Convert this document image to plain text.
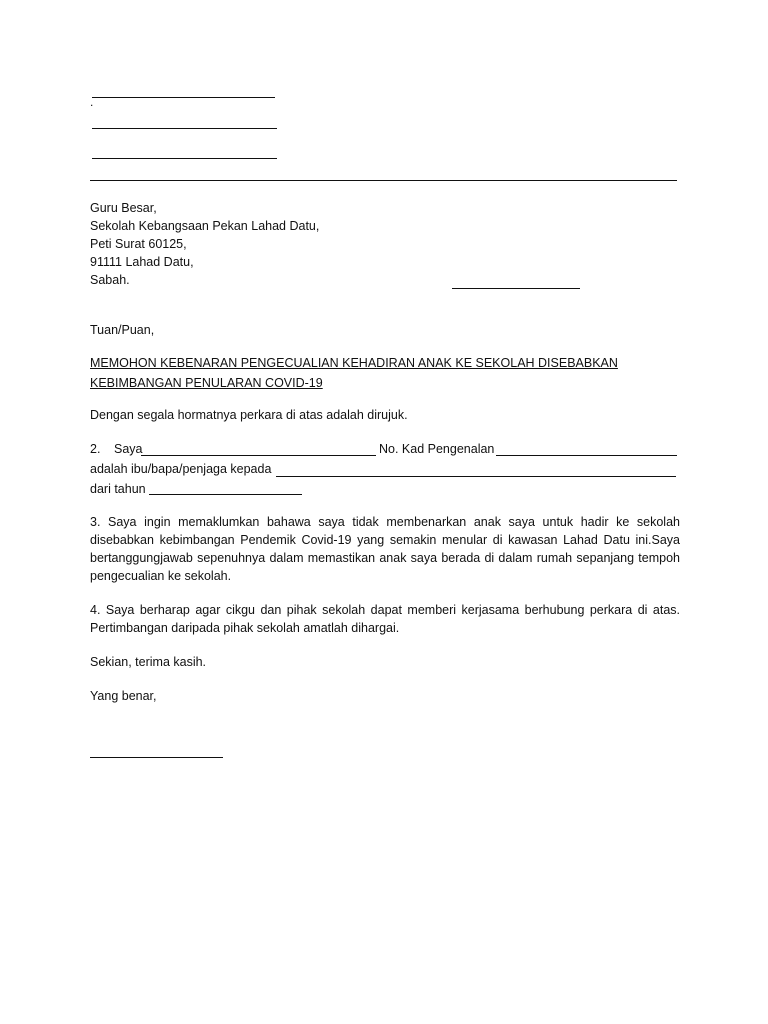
.
Guru Besar,
Sekolah Kebangsaan Pekan Lahad Datu,
Peti Surat 60125,
91111 Lahad Datu,
Sabah.
Tuan/Puan,
MEMOHON KEBENARAN PENGECUALIAN KEHADIRAN ANAK KE SEKOLAH DISEBABKAN
KEBIMBANGAN PENULARAN COVID-19
Dengan segala hormatnya perkara di atas adalah dirujuk.
2. Saya	No. Kad Pengenalan
adalah ibu/bapa/penjaga kepada
dari tahun
3. Saya ingin memaklumkan bahawa saya tidak membenarkan anak saya untuk hadir ke sekolah disebabkan kebimbangan Pendemik Covid-19 yang semakin menular di kawasan Lahad Datu ini.Saya bertanggungjawab sepenuhnya dalam memastikan anak saya berada di dalam rumah sepanjang tempoh pengecualian ke sekolah.
4. Saya berharap agar cikgu dan pihak sekolah dapat memberi kerjasama berhubung perkara di atas. Pertimbangan daripada pihak sekolah amatlah dihargai.
Sekian, terima kasih.
Yang benar,
